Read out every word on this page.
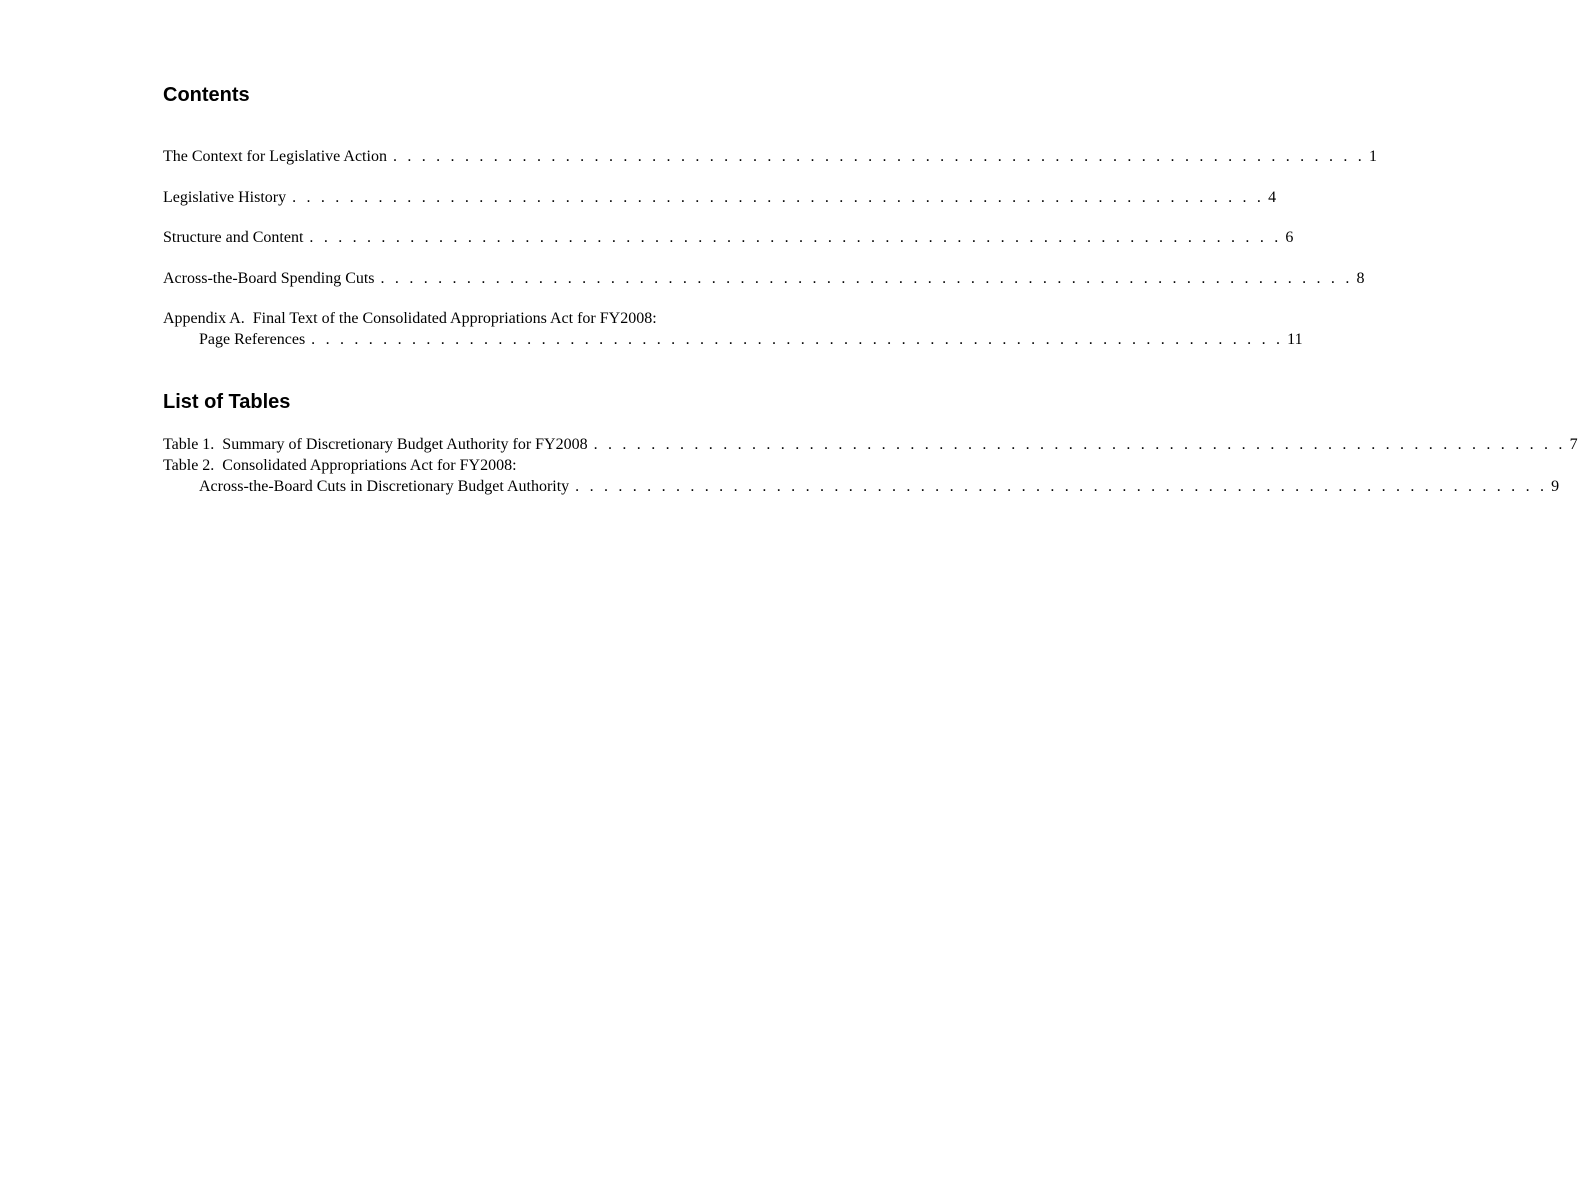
Contents
The Context for Legislative Action . . . . . . . . . . . . . . . . . . . . . . . . . . . . . . . . . . . . . . . . . . . . . . . . . . . . . . . . . . . . . . . . . . . . 1
Legislative History . . . . . . . . . . . . . . . . . . . . . . . . . . . . . . . . . . . . . . . . . . . . . . . . . . . . . . . . . . . . . . . . . . . . 4
Structure and Content . . . . . . . . . . . . . . . . . . . . . . . . . . . . . . . . . . . . . . . . . . . . . . . . . . . . . . . . . . . . . . . . . . . . 6
Across-the-Board Spending Cuts . . . . . . . . . . . . . . . . . . . . . . . . . . . . . . . . . . . . . . . . . . . . . . . . . . . . . . . . . . . . . . . . . . . . 8
Appendix A.  Final Text of the Consolidated Appropriations Act for FY2008:
Page References . . . . . . . . . . . . . . . . . . . . . . . . . . . . . . . . . . . . . . . . . . . . . . . . . . . . . . . . . . . . . . . . . . . . 11
List of Tables
Table 1.  Summary of Discretionary Budget Authority for FY2008 . . . . . . . . . . . . . . . . . . . . . . . . . . . . . . . . . . . . . . . . . . . . . . . . . . . . . . . . . . . . . . . . . . . . 7
Table 2.  Consolidated Appropriations Act for FY2008:
Across-the-Board Cuts in Discretionary Budget Authority . . . . . . . . . . . . . . . . . . . . . . . . . . . . . . . . . . . . . . . . . . . . . . . . . . . . . . . . . . . . . . . . . . . . 9
